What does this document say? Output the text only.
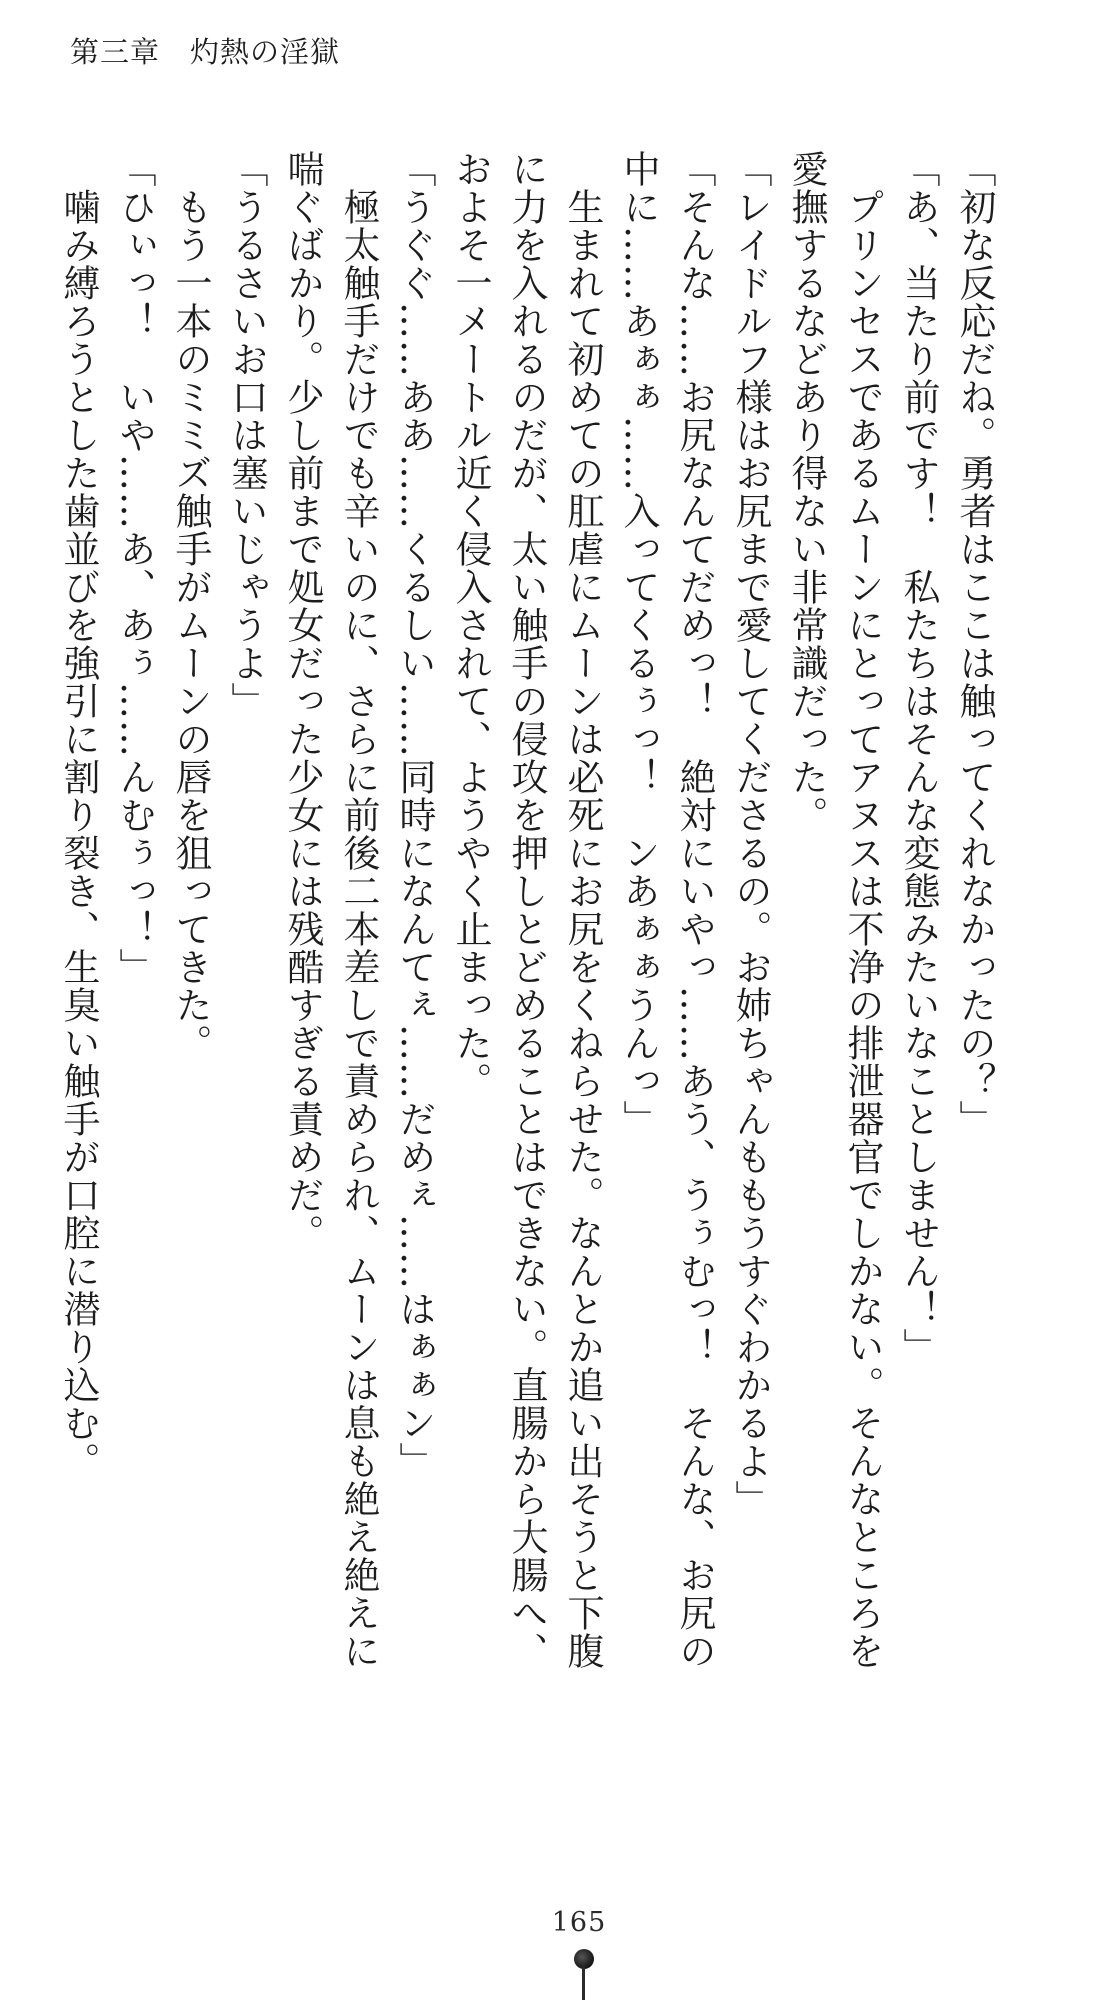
第三章 灼熱の淫獄

「初な反応だね。勇者はここは触ってくれなかったの？」

「あ、当たり前です！　私たちはそんな変態みたいなことしません！」

　プリンセスであるムーンにとってアヌスは不浄の排泄器官でしかない。そんなところを

愛撫するなどあり得ない非常識だった。

「レイドルフ様はお尻まで愛してくださるの。お姉ちゃんももうすぐわかるよ」

「そんな……お尻なんてだめっ！　絶対にいやっ……あう、うぅむっ！　そんな、お尻の

中に……あぁぁ……入ってくるぅっ！　ンあぁぁうんっ」

　生まれて初めての肛虐にムーンは必死にお尻をくねらせた。なんとか追い出そうと下腹

に力を入れるのだが、太い触手の侵攻を押しとどめることはできない。直腸から大腸へ、

およそ一メートル近く侵入されて、ようやく止まった。

「うぐぐ……ああ……くるしい……同時になんてぇ……だめぇ……はぁぁン」

　極太触手だけでも辛いのに、さらに前後二本差しで責められ、ムーンは息も絶え絶えに

喘ぐばかり。少し前まで処女だった少女には残酷すぎる責めだ。

「うるさいお口は塞いじゃうよ」

　もう一本のミミズ触手がムーンの唇を狙ってきた。

「ひぃっ！　いや……あ、あぅ……んむぅっ！」

　噛み縛ろうとした歯並びを強引に割り裂き、生臭い触手が口腔に潜り込む。

165
